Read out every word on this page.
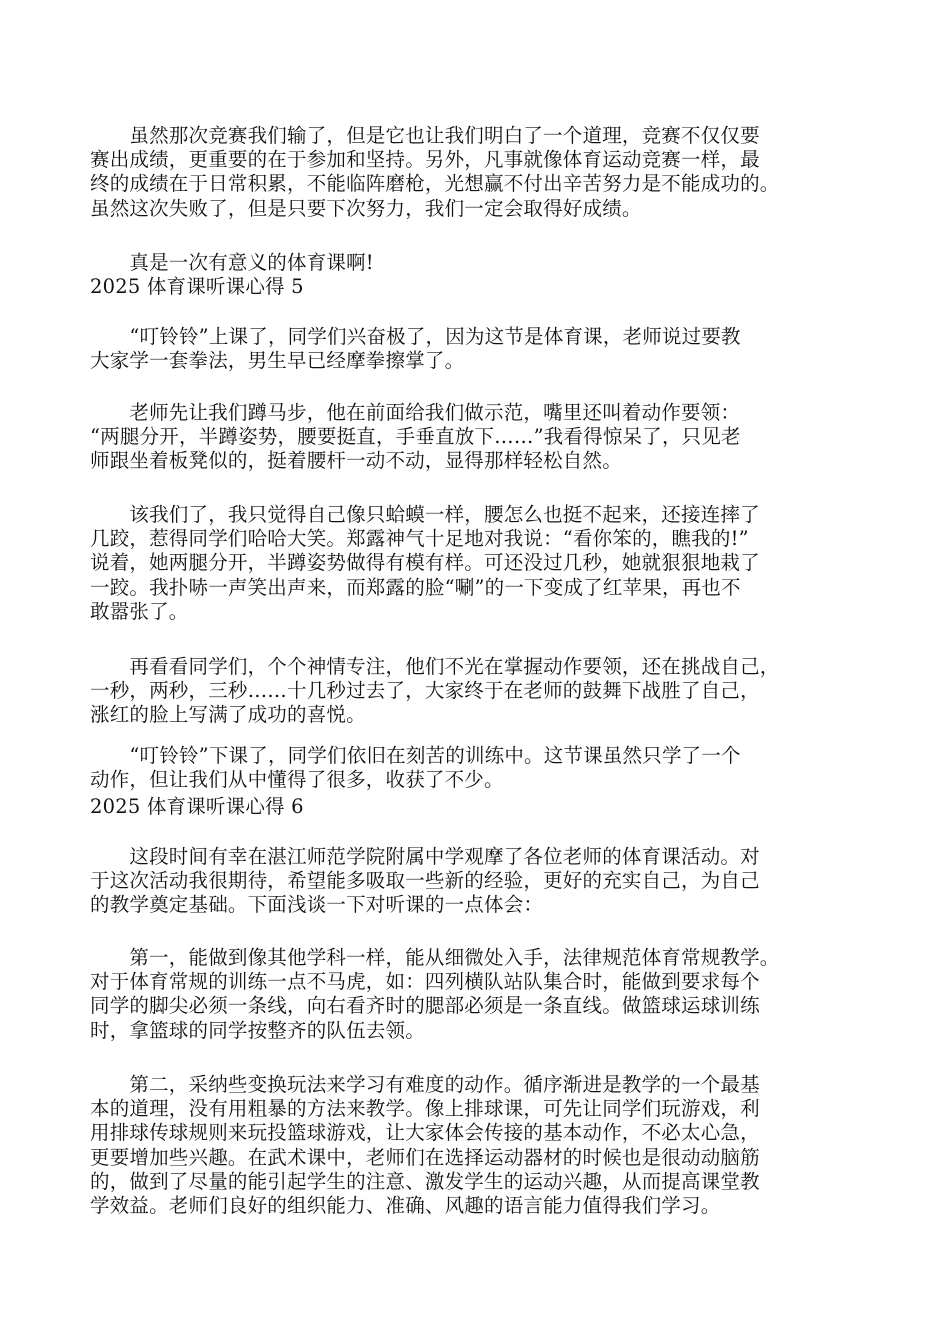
　　虽然那次竞赛我们输了，但是它也让我们明白了一个道理，竞赛不仅仅要
赛出成绩，更重要的在于参加和坚持。另外，凡事就像体育运动竞赛一样，最
终的成绩在于日常积累，不能临阵磨枪，光想赢不付出辛苦努力是不能成功的。
虽然这次失败了，但是只要下次努力，我们一定会取得好成绩。

　　真是一次有意义的体育课啊!

2025 体育课听课心得 5

　　“叮铃铃”上课了，同学们兴奋极了，因为这节是体育课，老师说过要教
大家学一套拳法，男生早已经摩拳擦掌了。

　　老师先让我们蹲马步，他在前面给我们做示范，嘴里还叫着动作要领：
“两腿分开，半蹲姿势，腰要挺直，手垂直放下……”我看得惊呆了，只见老
师跟坐着板凳似的，挺着腰杆一动不动，显得那样轻松自然。

　　该我们了，我只觉得自己像只蛤蟆一样，腰怎么也挺不起来，还接连摔了
几跤，惹得同学们哈哈大笑。郑露神气十足地对我说：“看你笨的，瞧我的!”
说着，她两腿分开，半蹲姿势做得有模有样。可还没过几秒，她就狠狠地栽了
一跤。我扑哧一声笑出声来，而郑露的脸“唰”的一下变成了红苹果，再也不
敢嚣张了。

　　再看看同学们，个个神情专注，他们不光在掌握动作要领，还在挑战自己，
一秒，两秒，三秒……十几秒过去了，大家终于在老师的鼓舞下战胜了自己，
涨红的脸上写满了成功的喜悦。

　　“叮铃铃”下课了，同学们依旧在刻苦的训练中。这节课虽然只学了一个
动作，但让我们从中懂得了很多，收获了不少。

2025 体育课听课心得 6

　　这段时间有幸在湛江师范学院附属中学观摩了各位老师的体育课活动。对
于这次活动我很期待，希望能多吸取一些新的经验，更好的充实自己，为自己
的教学奠定基础。下面浅谈一下对听课的一点体会：

　　第一，能做到像其他学科一样，能从细微处入手，法律规范体育常规教学。
对于体育常规的训练一点不马虎，如：四列横队站队集合时，能做到要求每个
同学的脚尖必须一条线，向右看齐时的腮部必须是一条直线。做篮球运球训练
时，拿篮球的同学按整齐的队伍去领。

　　第二，采纳些变换玩法来学习有难度的动作。循序渐进是教学的一个最基
本的道理，没有用粗暴的方法来教学。像上排球课，可先让同学们玩游戏，利
用排球传球规则来玩投篮球游戏，让大家体会传接的基本动作，不必太心急，
更要增加些兴趣。在武术课中，老师们在选择运动器材的时候也是很动动脑筋
的，做到了尽量的能引起学生的注意、激发学生的运动兴趣，从而提高课堂教
学效益。老师们良好的组织能力、准确、风趣的语言能力值得我们学习。
